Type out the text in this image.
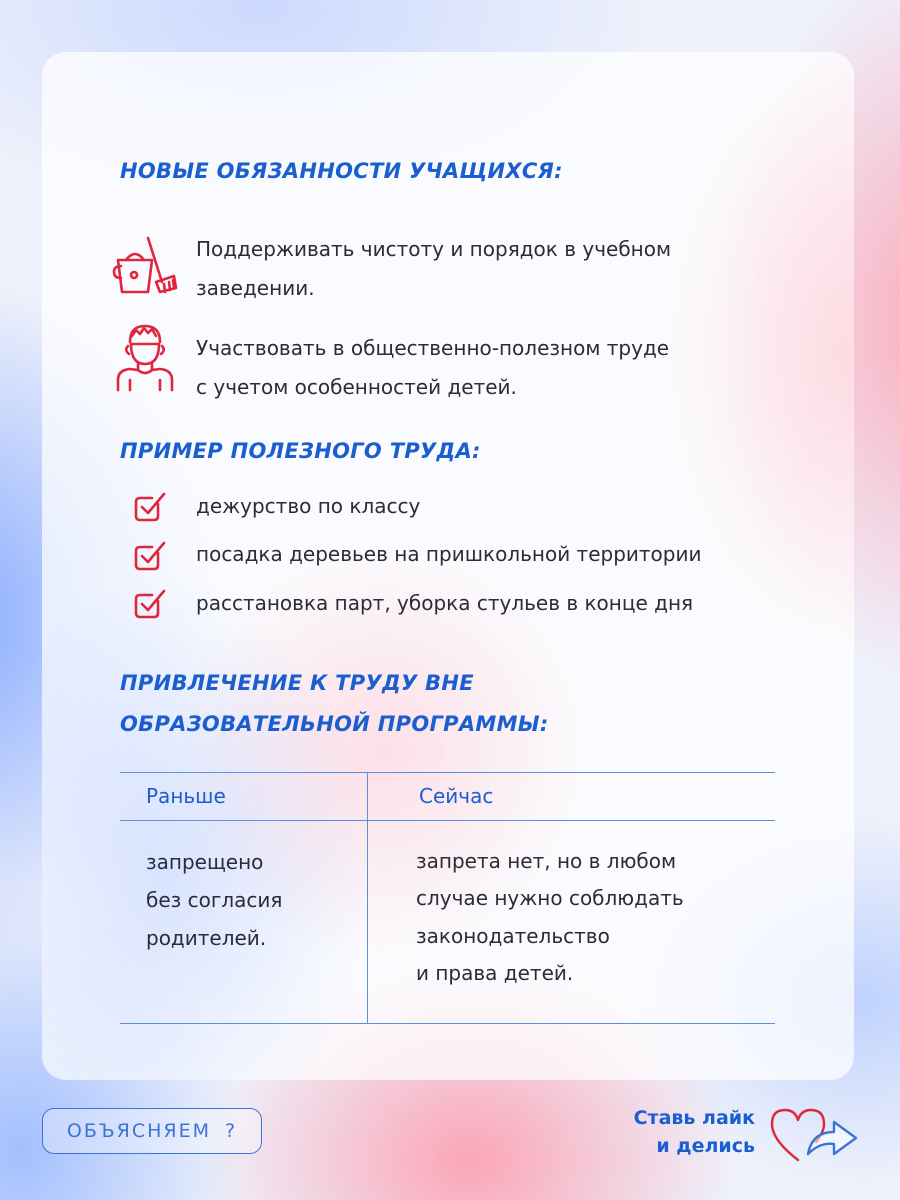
НОВЫЕ ОБЯЗАННОСТИ УЧАЩИХСЯ:

Поддерживать чистоту и порядок в учебном

заведении.

Участвовать в общественно-полезном труде

с учетом особенностей детей.

ПРИМЕР ПОЛЕЗНОГО ТРУДА:
дежурство по классу
посадка деревьев на пришкольной территории
расстановка парт, уборка стульев в конце дня
ПРИВЛЕЧЕНИЕ К ТРУДУ ВНЕ
ОБРАЗОВАТЕЛЬНОЙ ПРОГРАММЫ:
Раньше	Сейчас
запрещено
без согласия
родителей.
запрета нет, но в любом
случае нужно соблюдать
законодательство
и права детей.
ОБЪЯСНЯЕМ ?
Ставь лайк
и делись
